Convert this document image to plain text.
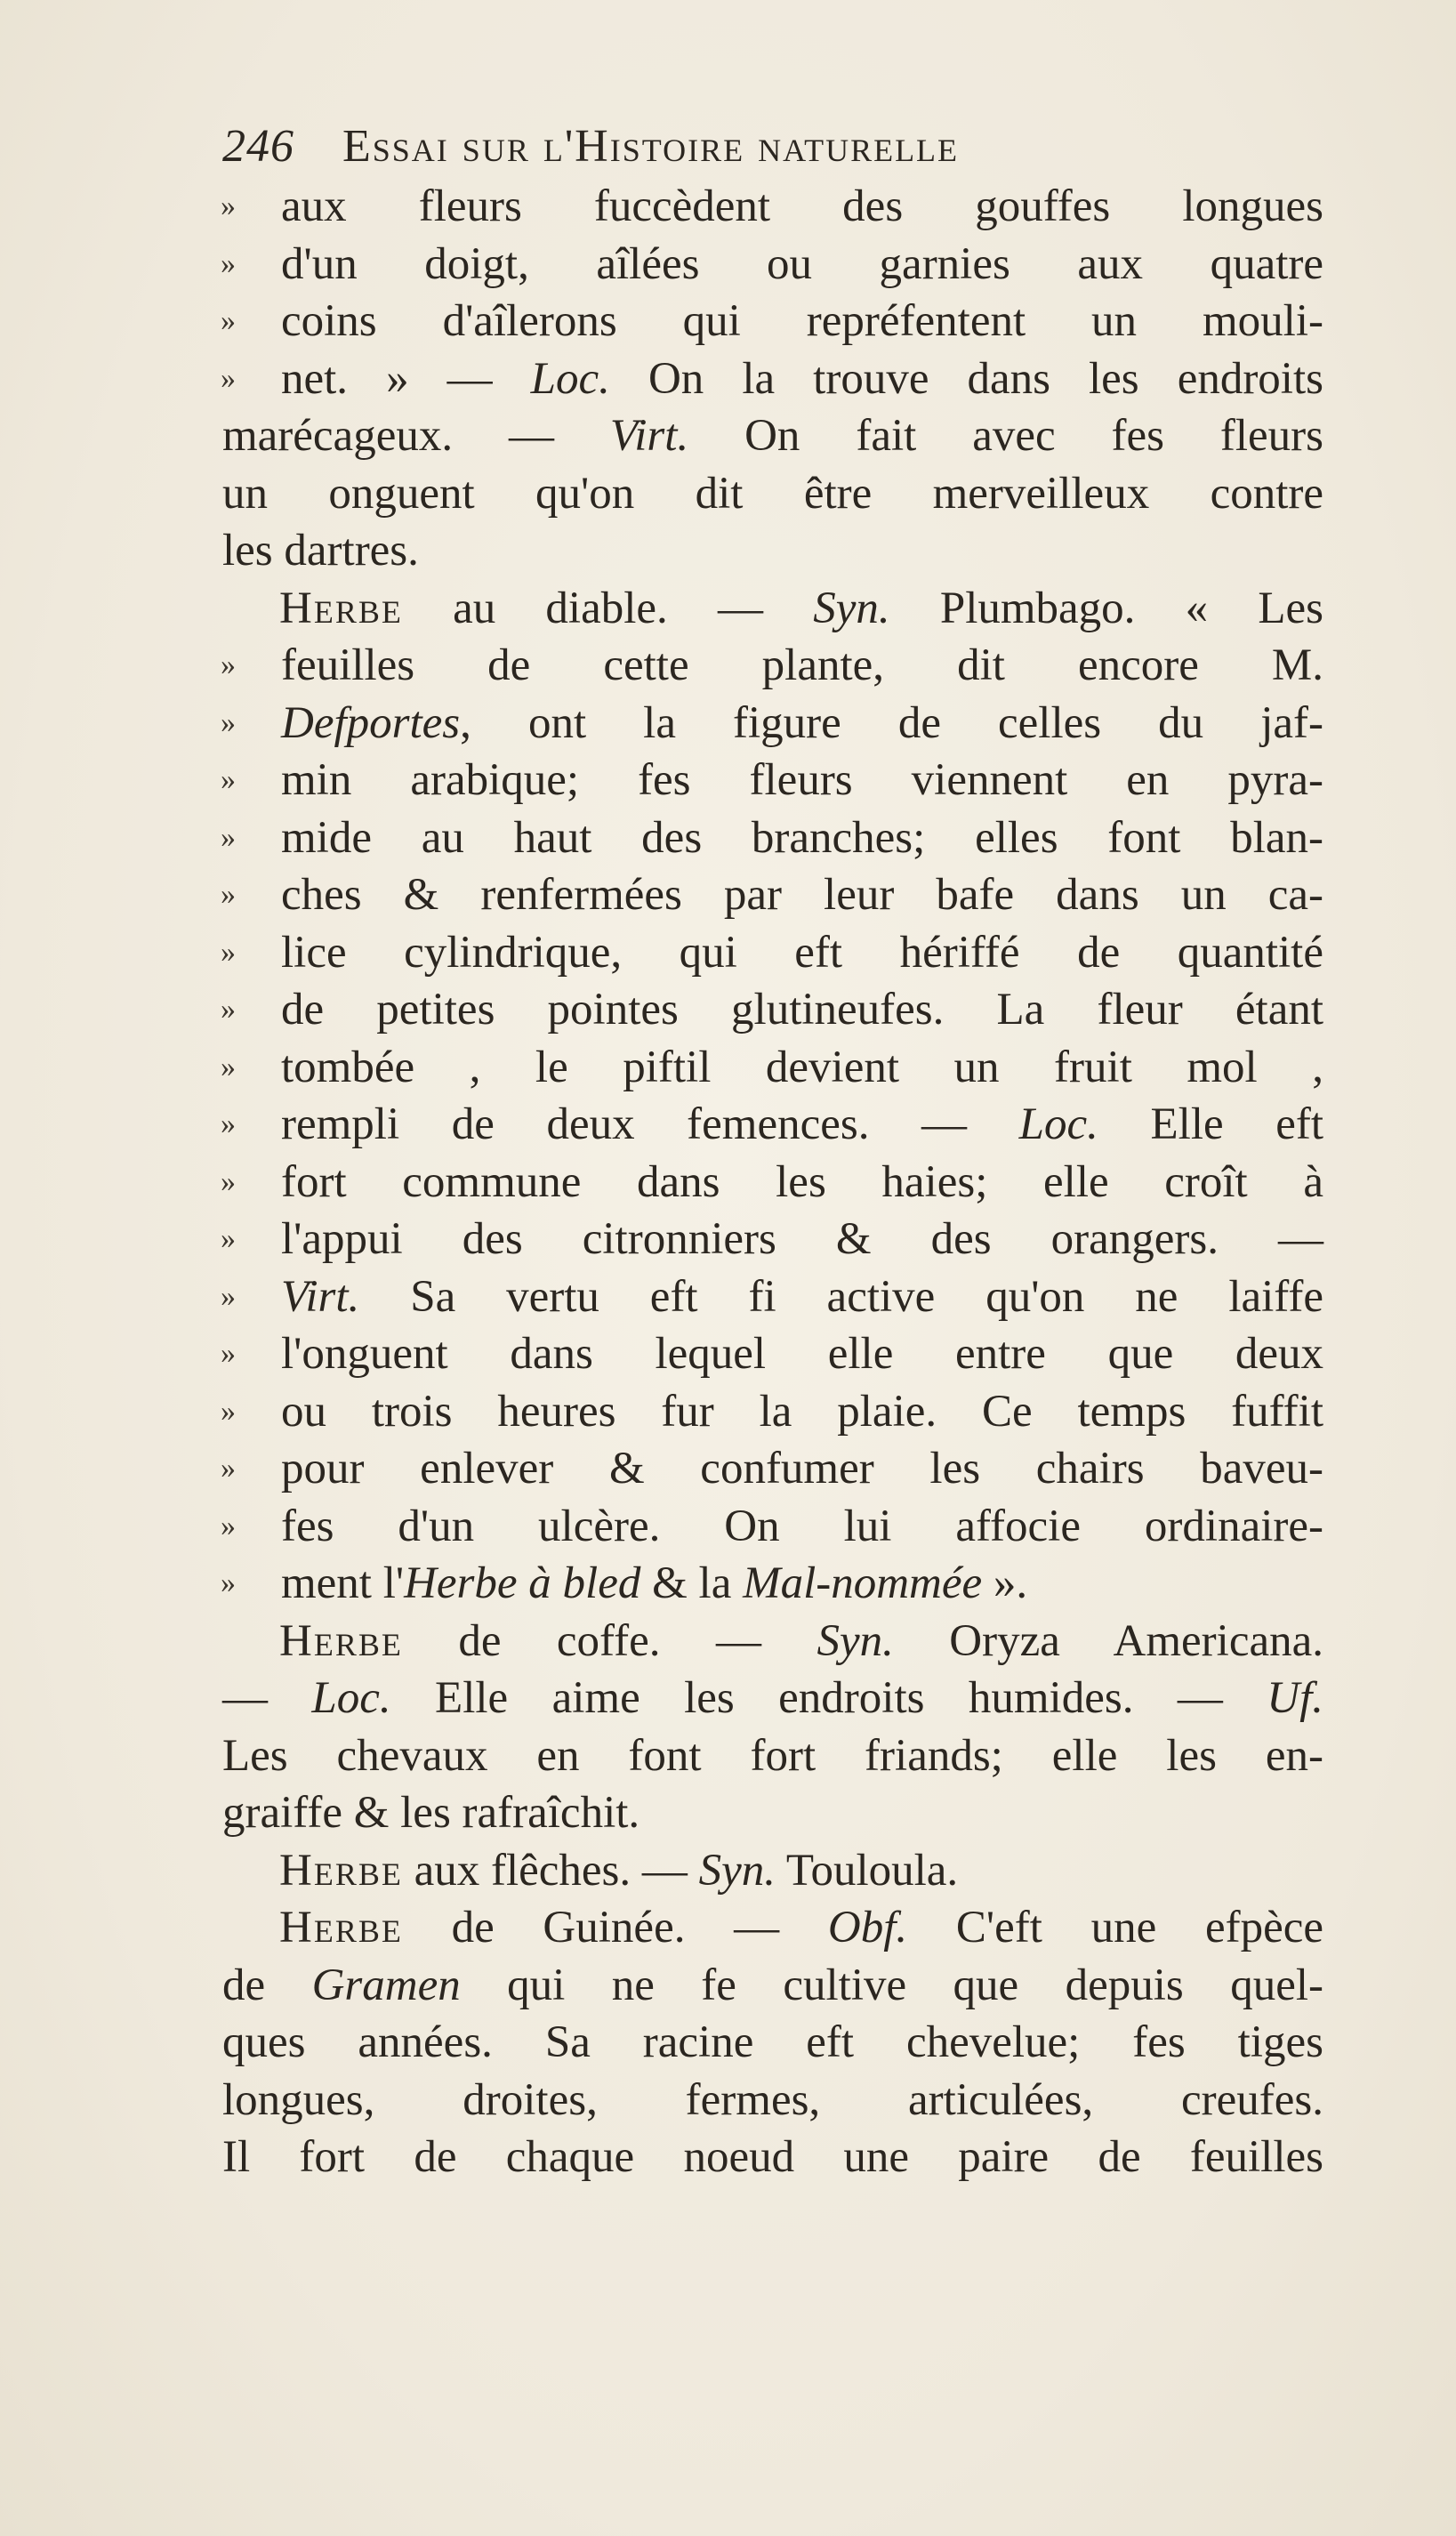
246 Essai sur l'Histoire naturelle
» aux fleurs fuccèdent des gouffes longues
» d'un doigt, aîlées ou garnies aux quatre
» coins d'aîlerons qui repréfentent un mouli-
» net. » — Loc. On la trouve dans les endroits
marécageux. — Virt. On fait avec fes fleurs
un onguent qu'on dit être merveilleux contre
les dartres.
Herbe au diable. — Syn. Plumbago. « Les
» feuilles de cette plante, dit encore M.
» Defportes, ont la figure de celles du jaf-
» min arabique; fes fleurs viennent en pyra-
» mide au haut des branches; elles font blan-
» ches & renfermées par leur bafe dans un ca-
» lice cylindrique, qui eft hériffé de quantité
» de petites pointes glutineufes. La fleur étant
» tombée , le piftil devient un fruit mol ,
» rempli de deux femences. — Loc. Elle eft
» fort commune dans les haies; elle croît à
» l'appui des citronniers & des orangers. —
» Virt. Sa vertu eft fi active qu'on ne laiffe
» l'onguent dans lequel elle entre que deux
» ou trois heures fur la plaie. Ce temps fuffit
» pour enlever & confumer les chairs baveu-
» fes d'un ulcère. On lui affocie ordinaire-
» ment l'Herbe à bled & la Mal-nommée ».
Herbe de coffe. — Syn. Oryza Americana.
— Loc. Elle aime les endroits humides. — Uf.
Les chevaux en font fort friands; elle les en-
graiffe & les rafraîchit.
Herbe aux flêches. — Syn. Touloula.
Herbe de Guinée. — Obf. C'eft une efpèce
de Gramen qui ne fe cultive que depuis quel-
ques années. Sa racine eft chevelue; fes tiges
longues, droites, fermes, articulées, creufes.
Il fort de chaque noeud une paire de feuilles
